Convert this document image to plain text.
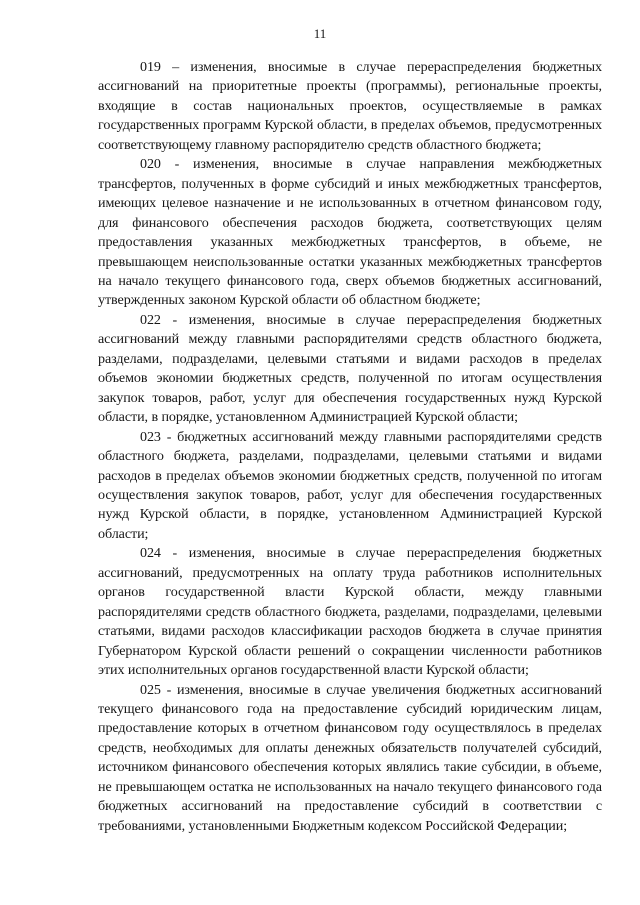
11

019 – изменения, вносимые в случае перераспределения бюджетных ассигнований на приоритетные проекты (программы), региональные проекты, входящие в состав национальных проектов, осуществляемые в рамках государственных программ Курской области, в пределах объемов, предусмотренных соответствующему главному распорядителю средств областного бюджета;

020 - изменения, вносимые в случае направления межбюджетных трансфертов, полученных в форме субсидий и иных межбюджетных трансфертов, имеющих целевое назначение и не использованных в отчетном финансовом году, для финансового обеспечения расходов бюджета, соответствующих целям предоставления указанных межбюджетных трансфертов, в объеме, не превышающем неиспользованные остатки указанных межбюджетных трансфертов на начало текущего финансового года, сверх объемов бюджетных ассигнований, утвержденных законом Курской области об областном бюджете;

022 - изменения, вносимые в случае перераспределения бюджетных ассигнований между главными распорядителями средств областного бюджета, разделами, подразделами, целевыми статьями и видами расходов в пределах объемов экономии бюджетных средств, полученной по итогам осуществления закупок товаров, работ, услуг для обеспечения государственных нужд Курской области, в порядке, установленном Администрацией Курской области;

023 - бюджетных ассигнований между главными распорядителями средств областного бюджета, разделами, подразделами, целевыми статьями и видами расходов в пределах объемов экономии бюджетных средств, полученной по итогам осуществления закупок товаров, работ, услуг для обеспечения государственных нужд Курской области, в порядке, установленном Администрацией Курской области;

024 - изменения, вносимые в случае перераспределения бюджетных ассигнований, предусмотренных на оплату труда работников исполнительных органов государственной власти Курской области, между главными распорядителями средств областного бюджета, разделами, подразделами, целевыми статьями, видами расходов классификации расходов бюджета в случае принятия Губернатором Курской области решений о сокращении численности работников этих исполнительных органов государственной власти Курской области;

025 - изменения, вносимые в случае увеличения бюджетных ассигнований текущего финансового года на предоставление субсидий юридическим лицам, предоставление которых в отчетном финансовом году осуществлялось в пределах средств, необходимых для оплаты денежных обязательств получателей субсидий, источником финансового обеспечения которых являлись такие субсидии, в объеме, не превышающем остатка не использованных на начало текущего финансового года бюджетных ассигнований на предоставление субсидий в соответствии с требованиями, установленными Бюджетным кодексом Российской Федерации;
